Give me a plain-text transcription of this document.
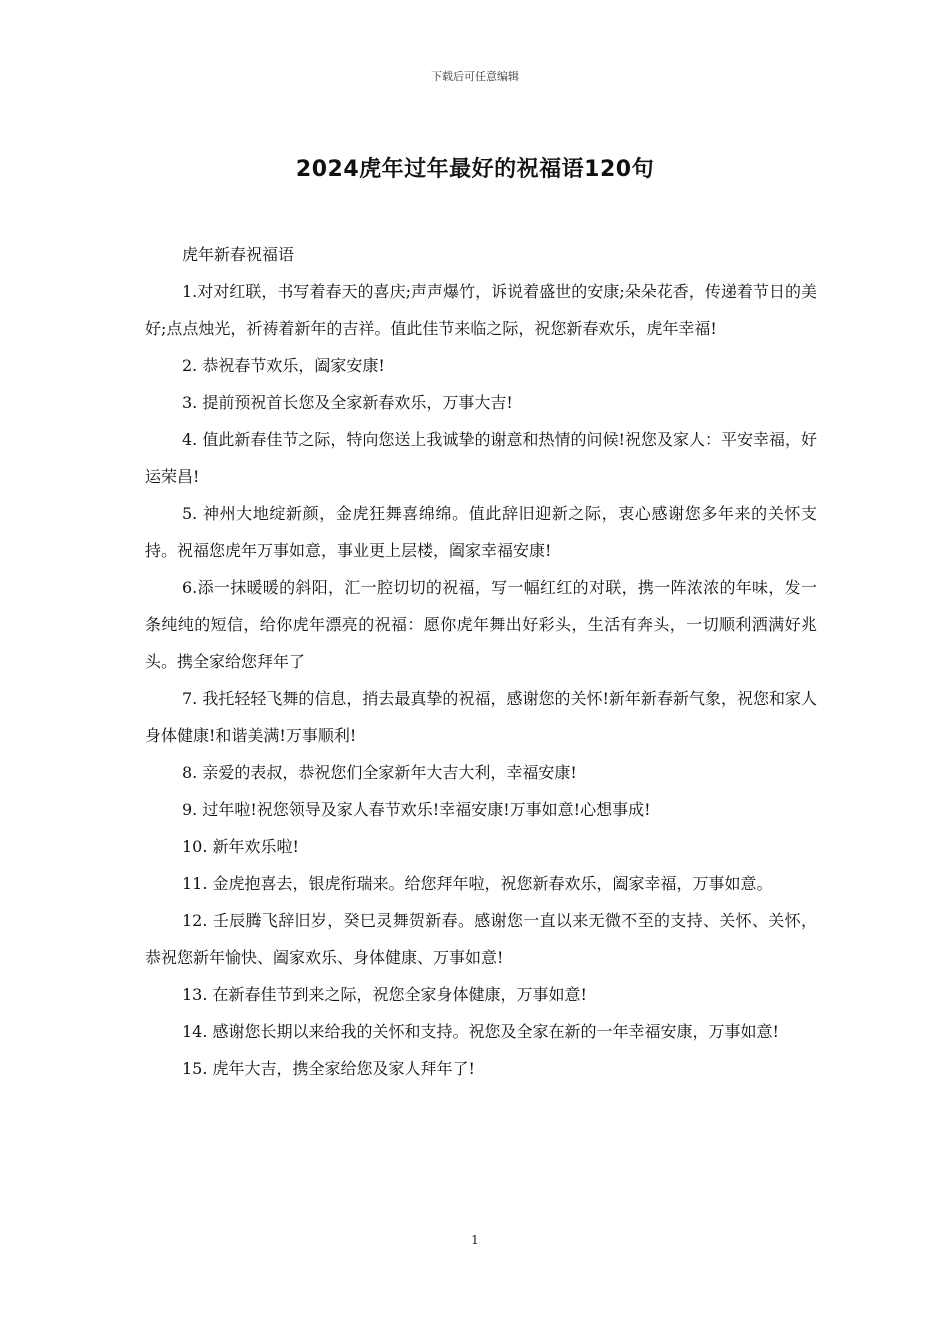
下载后可任意编辑
2024虎年过年最好的祝福语120句

虎年新春祝福语

1.对对红联，书写着春天的喜庆;声声爆竹，诉说着盛世的安康;朵朵花香，传递着节日的美好;点点烛光，祈祷着新年的吉祥。值此佳节来临之际，祝您新春欢乐，虎年幸福!

2. 恭祝春节欢乐，阖家安康!

3. 提前预祝首长您及全家新春欢乐，万事大吉!

4. 值此新春佳节之际，特向您送上我诚挚的谢意和热情的问候!祝您及家人：平安幸福，好运荣昌!

5. 神州大地绽新颜，金虎狂舞喜绵绵。值此辞旧迎新之际，衷心感谢您多年来的关怀支持。祝福您虎年万事如意，事业更上层楼，阖家幸福安康!

6.添一抹暖暖的斜阳，汇一腔切切的祝福，写一幅红红的对联，携一阵浓浓的年味，发一条纯纯的短信，给你虎年漂亮的祝福：愿你虎年舞出好彩头，生活有奔头，一切顺利洒满好兆头。携全家给您拜年了

7. 我托轻轻飞舞的信息，捎去最真挚的祝福，感谢您的关怀!新年新春新气象，祝您和家人身体健康!和谐美满!万事顺利!

8. 亲爱的表叔，恭祝您们全家新年大吉大利，幸福安康!

9. 过年啦!祝您领导及家人春节欢乐!幸福安康!万事如意!心想事成!

10. 新年欢乐啦!

11. 金虎抱喜去，银虎衔瑞来。给您拜年啦，祝您新春欢乐，阖家幸福，万事如意。

12. 壬辰腾飞辞旧岁，癸巳灵舞贺新春。感谢您一直以来无微不至的支持、关怀、关怀，恭祝您新年愉快、阖家欢乐、身体健康、万事如意!

13. 在新春佳节到来之际，祝您全家身体健康，万事如意!

14. 感谢您长期以来给我的关怀和支持。祝您及全家在新的一年幸福安康，万事如意!

15. 虎年大吉，携全家给您及家人拜年了!

1
